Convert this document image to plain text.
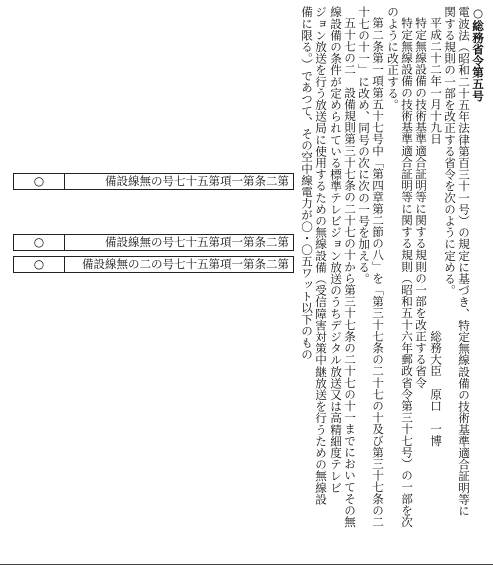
○総務省令第五号
電波法（昭和二十五年法律第百三十一号）の規定に基づき、特定無線設備の技術基準適合証明等に
関する規則の一部を改正する省令を次のように定める。
平成二十二年一月十九日　　　　　　　　　　　　　　　　総務大臣　原口　一博
特定無線設備の技術基準適合証明等に関する規則の一部を改正する省令
特定無線設備の技術基準適合証明等に関する規則（昭和五十六年郵政省令第三十七号）の一部を次
のように改正する。
第二条第一項第五十七号中「第四章第二節の八」を「第三十七条の二十七の十及び第三十七条の二
十七の十一」に改め、同号の次に次の一号を加える。
五十七の二　設備規則第三十七条の二十七の十から第三十七条の二十七の十一までにおいてその無
線設備の条件が定められている標準テレビジョン放送のうちデジタル放送又は高精細度テレビ
ジョン放送を行う放送局に使用するための無線設備（受信障害対策中継放送を行うための無線設
備に限る。）であつて、その空中線電力が〇・〇五ワット以下のもの
○	備設線無の号七十五第項一第条二第
○	備設線無の号七十五第項一第条二第
○	備設線無の二の号七十五第項一第条二第
